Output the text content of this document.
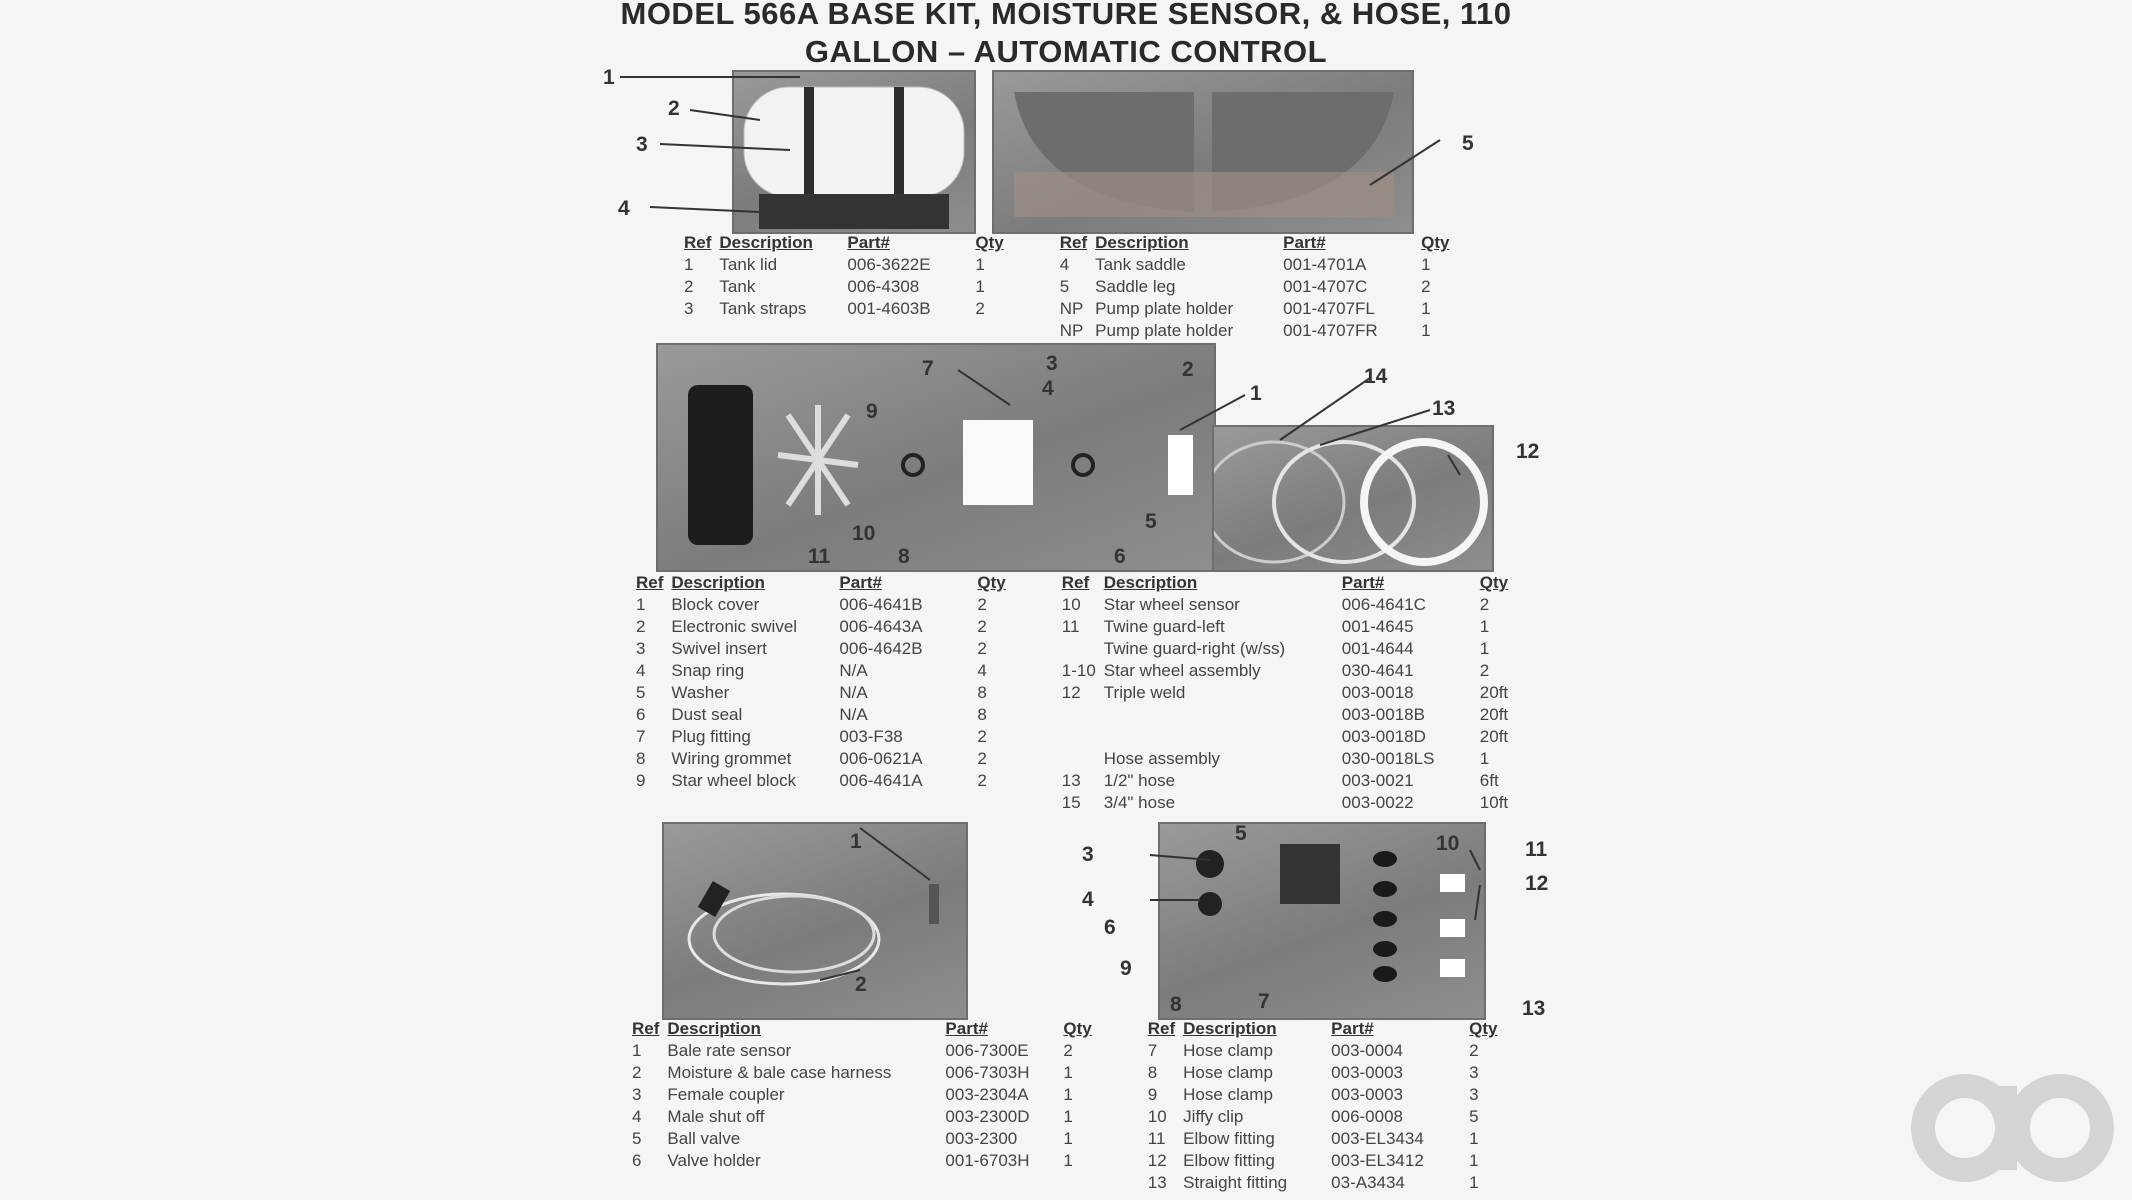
MODEL 566A BASE KIT, MOISTURE SENSOR, & HOSE, 110
GALLON – AUTOMATIC CONTROL
1
2
3
4
5
7
9
3
4
2
1
14
13
12
10
11	8	6
5
1
2
5	10	11
12
3
4
6
9
8	7	13
Ref	Description	Part#	Qty		Ref	Description	Part#	Qty
1	Tank lid	006-3622E	1		4	Tank saddle	001-4701A	1
2	Tank	006-4308	1		5	Saddle leg	001-4707C	2
3	Tank straps	001-4603B	2		NP	Pump plate holder	001-4707FL	1
					NP	Pump plate holder	001-4707FR	1
Ref	Description	Part#	Qty		Ref	Description	Part#	Qty
1	Block cover	006-4641B	2		10	Star wheel sensor	006-4641C	2
2	Electronic swivel	006-4643A	2		11	Twine guard-left	001-4645	1
3	Swivel insert	006-4642B	2			Twine guard-right (w/ss)	001-4644	1
4	Snap ring	N/A	4		1-10	Star wheel assembly	030-4641	2
5	Washer	N/A	8		12	Triple weld	003-0018	20ft
6	Dust seal	N/A	8				003-0018B	20ft
7	Plug fitting	003-F38	2				003-0018D	20ft
8	Wiring grommet	006-0621A	2			Hose assembly	030-0018LS	1
9	Star wheel block	006-4641A	2		13	1/2" hose	003-0021	6ft
					15	3/4" hose	003-0022	10ft
Ref	Description	Part#	Qty		Ref	Description	Part#	Qty
1	Bale rate sensor	006-7300E	2		7	Hose clamp	003-0004	2
2	Moisture & bale case harness	006-7303H	1		8	Hose clamp	003-0003	3
3	Female coupler	003-2304A	1		9	Hose clamp	003-0003	3
4	Male shut off	003-2300D	1		10	Jiffy clip	006-0008	5
5	Ball valve	003-2300	1		11	Elbow fitting	003-EL3434	1
6	Valve holder	001-6703H	1		12	Elbow fitting	003-EL3412	1
					13	Straight fitting	03-A3434	1
